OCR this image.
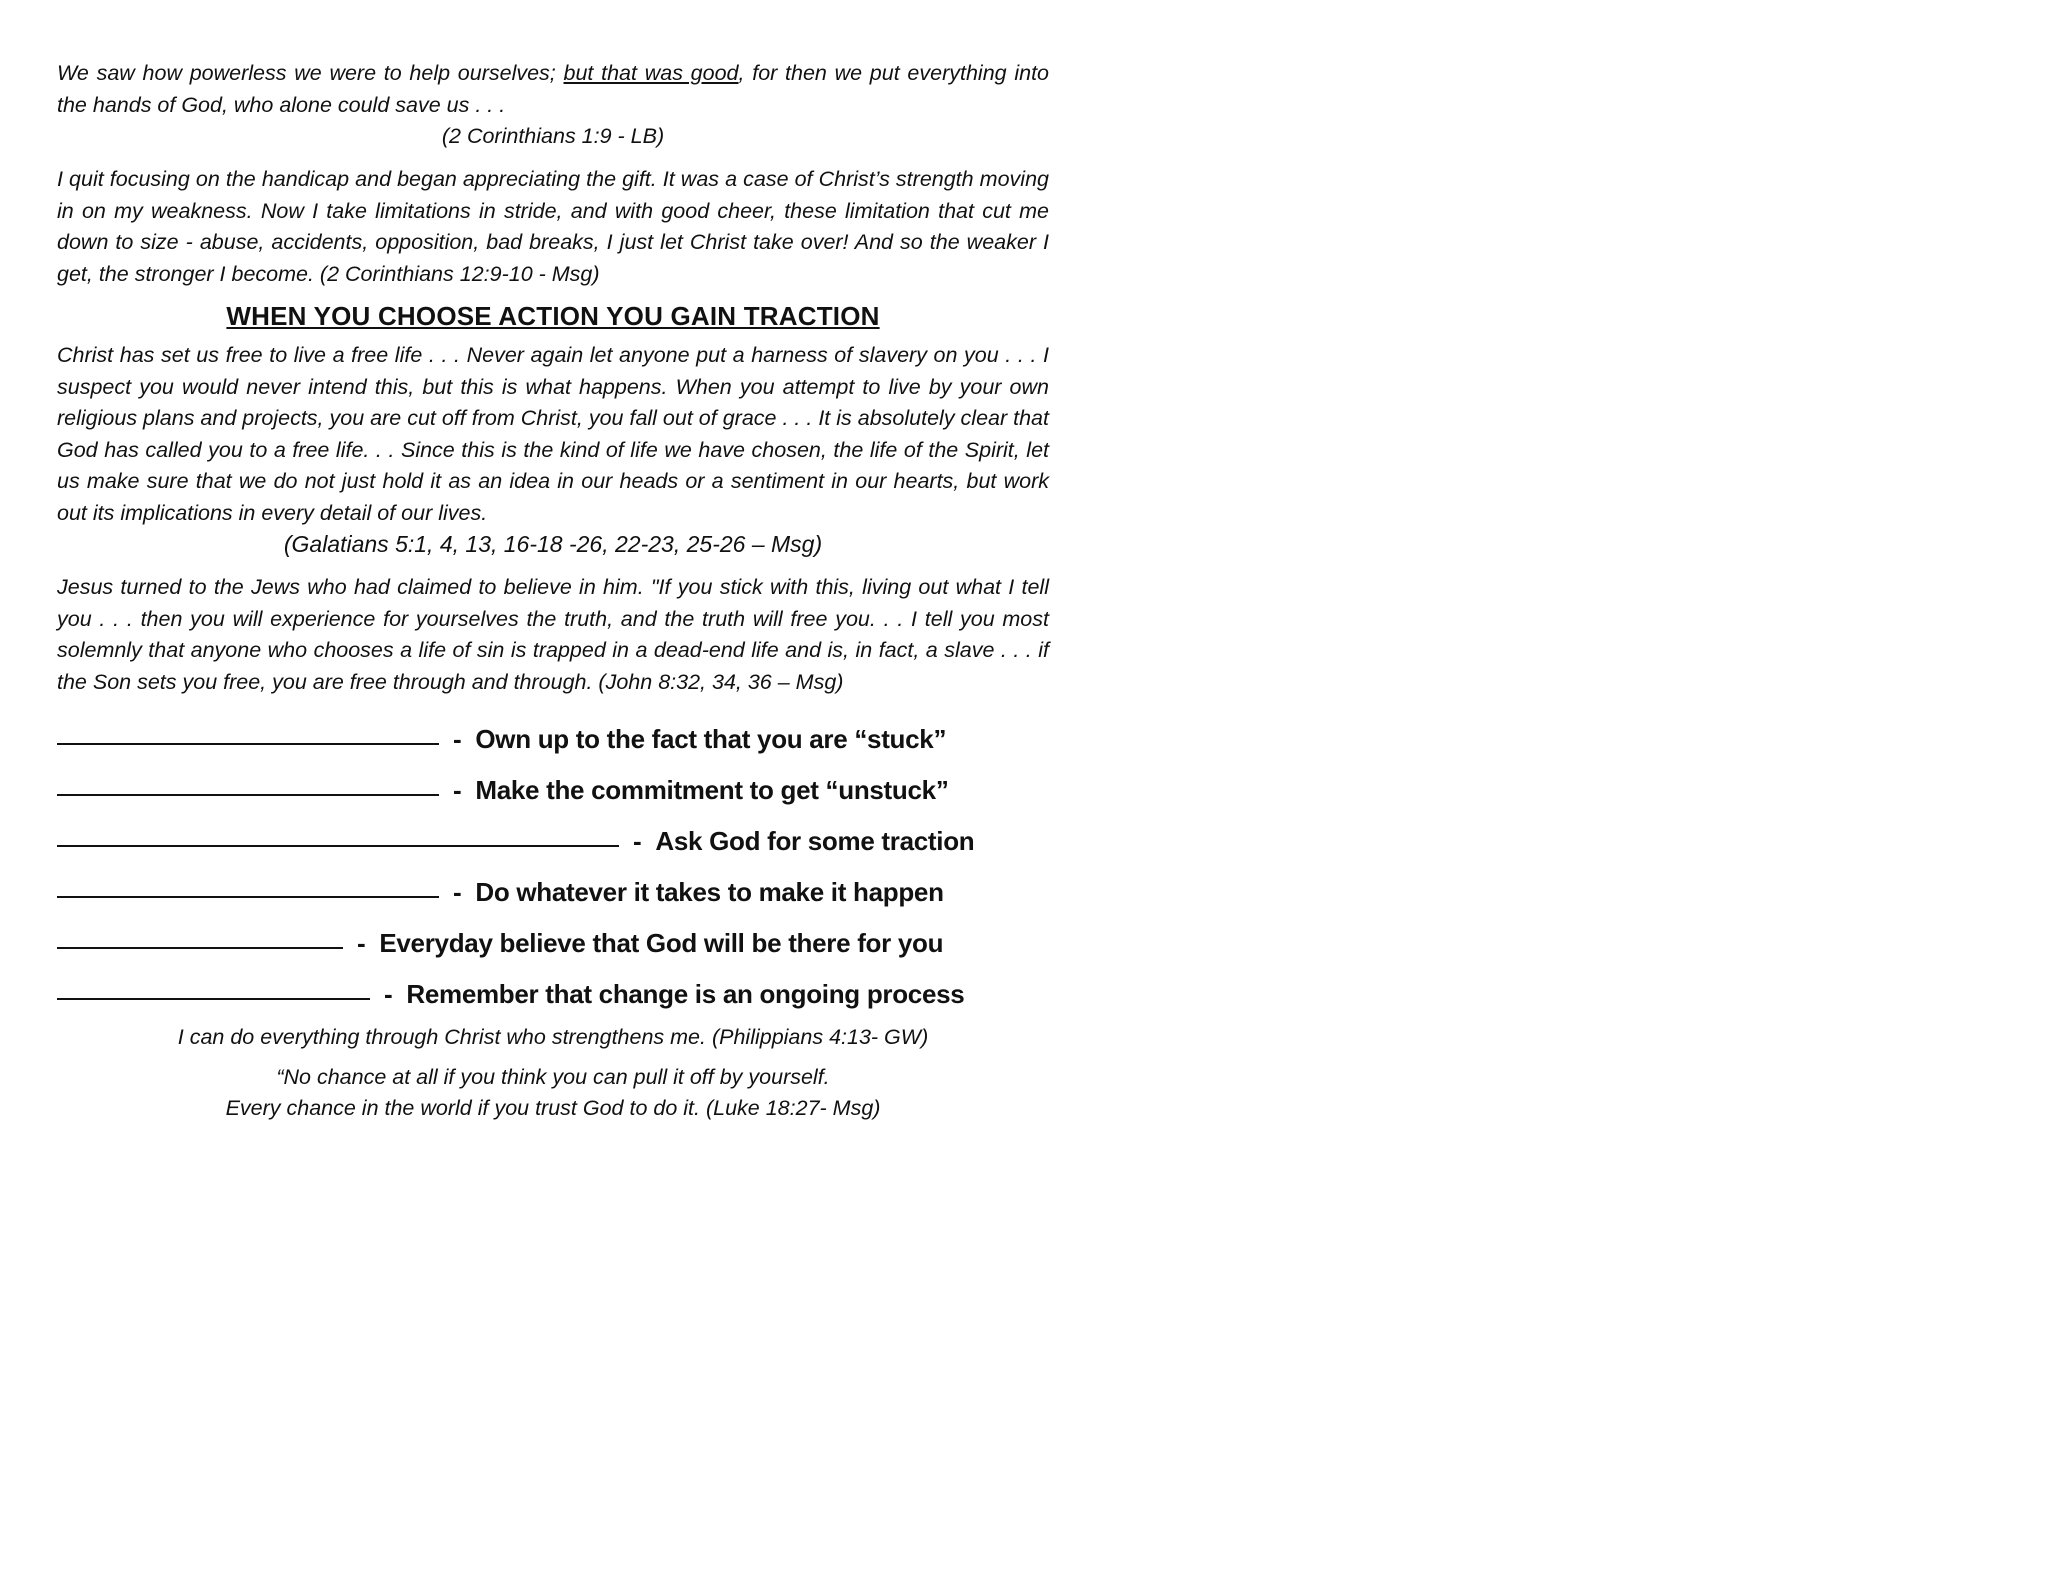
We saw how powerless we were to help ourselves; but that was good, for then we put everything into the hands of God, who alone could save us . . .

(2 Corinthians 1:9 - LB)

I quit focusing on the handicap and began appreciating the gift. It was a case of Christ’s strength moving in on my weakness. Now I take limitations in stride, and with good cheer, these limitation that cut me down to size - abuse, accidents, opposition, bad breaks, I just let Christ take over! And so the weaker I get, the stronger I become. (2 Corinthians 12:9-10 - Msg)

WHEN YOU CHOOSE ACTION YOU GAIN TRACTION

Christ has set us free to live a free life . . . Never again let anyone put a harness of slavery on you . . . I suspect you would never intend this, but this is what happens. When you attempt to live by your own religious plans and projects, you are cut off from Christ, you fall out of grace . . . It is absolutely clear that God has called you to a free life. . . Since this is the kind of life we have chosen, the life of the Spirit, let us make sure that we do not just hold it as an idea in our heads or a sentiment in our hearts, but work out its implications in every detail of our lives.

(Galatians 5:1, 4, 13, 16-18 -26, 22-23, 25-26 – Msg)

Jesus turned to the Jews who had claimed to believe in him. "If you stick with this, living out what I tell you . . . then you will experience for yourselves the truth, and the truth will free you. . . I tell you most solemnly that anyone who chooses a life of sin is trapped in a dead-end life and is, in fact, a slave . . . if the Son sets you free, you are free through and through. (John 8:32, 34, 36 – Msg)

- Own up to the fact that you are “stuck”
- Make the commitment to get “unstuck”
- Ask God for some traction
- Do whatever it takes to make it happen
- Everyday believe that God will be there for you
- Remember that change is an ongoing process

I can do everything through Christ who strengthens me. (Philippians 4:13- GW)

“No chance at all if you think you can pull it off by yourself.

Every chance in the world if you trust God to do it. (Luke 18:27- Msg)
